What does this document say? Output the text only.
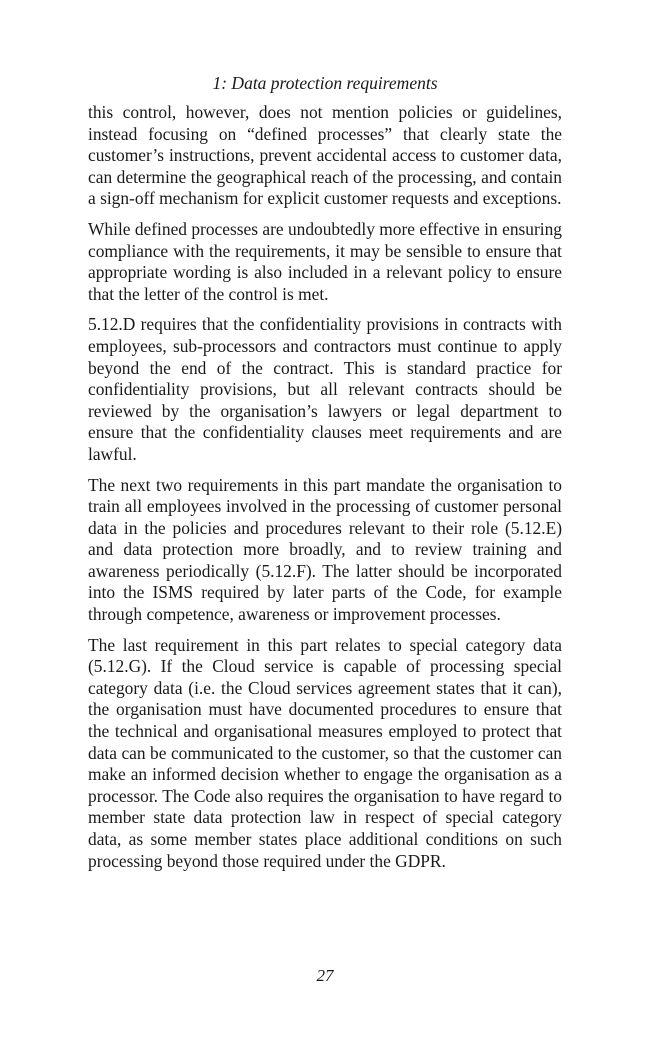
1: Data protection requirements

this control, however, does not mention policies or guidelines, instead focusing on “defined processes” that clearly state the customer’s instructions, prevent accidental access to customer data, can determine the geographical reach of the processing, and contain a sign-off mechanism for explicit customer requests and exceptions.

While defined processes are undoubtedly more effective in ensuring compliance with the requirements, it may be sensible to ensure that appropriate wording is also included in a relevant policy to ensure that the letter of the control is met.

5.12.D requires that the confidentiality provisions in contracts with employees, sub-processors and contractors must continue to apply beyond the end of the contract. This is standard practice for confidentiality provisions, but all relevant contracts should be reviewed by the organisation’s lawyers or legal department to ensure that the confidentiality clauses meet requirements and are lawful.

The next two requirements in this part mandate the organisation to train all employees involved in the processing of customer personal data in the policies and procedures relevant to their role (5.12.E) and data protection more broadly, and to review training and awareness periodically (5.12.F). The latter should be incorporated into the ISMS required by later parts of the Code, for example through competence, awareness or improvement processes.

The last requirement in this part relates to special category data (5.12.G). If the Cloud service is capable of processing special category data (i.e. the Cloud services agreement states that it can), the organisation must have documented procedures to ensure that the technical and organisational measures employed to protect that data can be communicated to the customer, so that the customer can make an informed decision whether to engage the organisation as a processor. The Code also requires the organisation to have regard to member state data protection law in respect of special category data, as some member states place additional conditions on such processing beyond those required under the GDPR.

27
